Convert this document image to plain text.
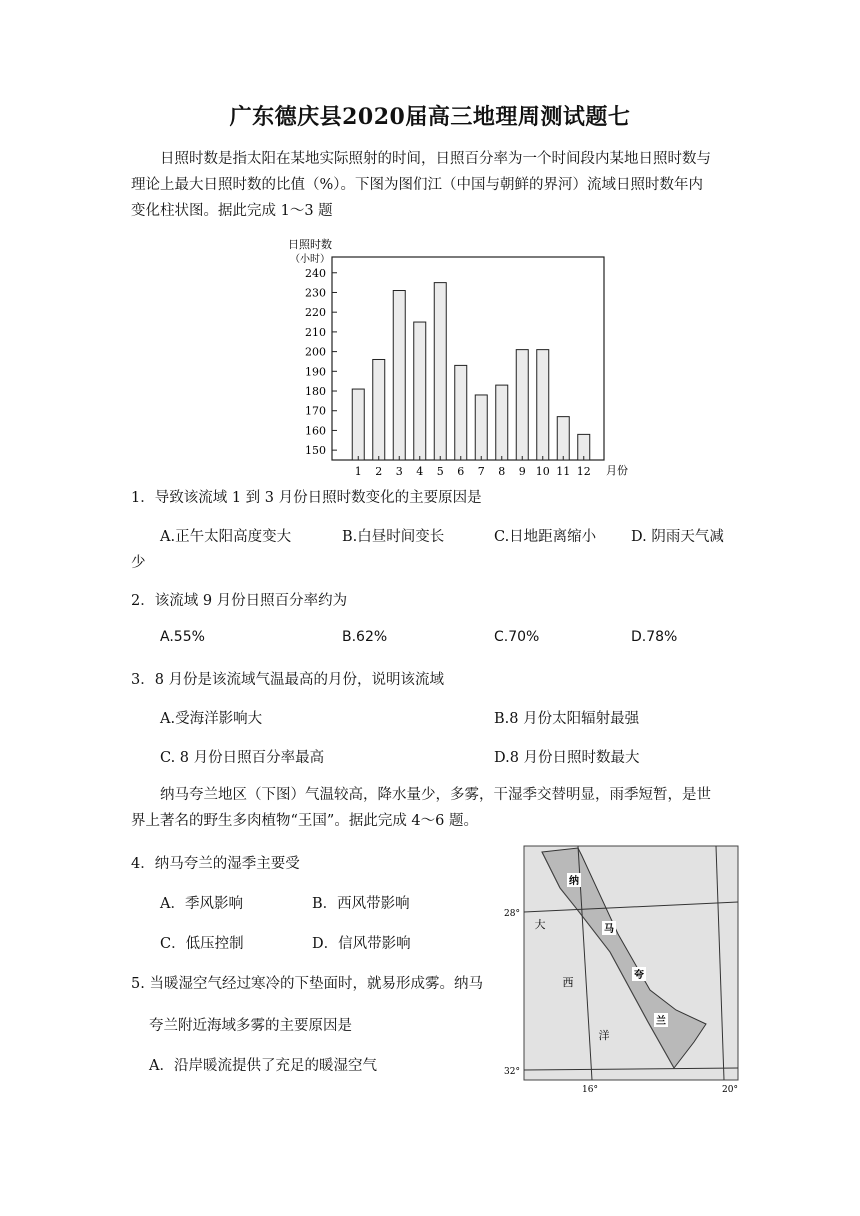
广东德庆县2020届高三地理周测试题七
日照时数是指太阳在某地实际照射的时间，日照百分率为一个时间段内某地日照时数与
理论上最大日照时数的比值（%）。下图为图们江（中国与朝鲜的界河）流域日照时数年内
变化柱状图。据此完成 1～3 题
日照时数
（小时）
150
160
170
180
190
200
210
220
230
240
1 2 3 4 5 6 7 8 9 10 11 12 月份
1．导致该流域 1 到 3 月份日照时数变化的主要原因是
A.正午太阳高度变大	B.白昼时间变长	C.日地距离缩小 D. 阴雨天气减
少
2．该流域 9 月份日照百分率约为
A.55%	B.62%	C.70%	D.78%
3．8 月份是该流域气温最高的月份，说明该流域
A.受海洋影响大	B.8 月份太阳辐射最强
C. 8 月份日照百分率最高	D.8 月份日照时数最大
纳马夸兰地区（下图）气温较高，降水量少，多雾，干湿季交替明显，雨季短暂，是世
界上著名的野生多肉植物“王国”。据此完成 4～6 题。
4．纳马夸兰的湿季主要受
A．季风影响	B．西风带影响
C．低压控制	D．信风带影响
5. 当暖湿空气经过寒冷的下垫面时，就易形成雾。纳马
夸兰附近海域多雾的主要原因是
A．沿岸暖流提供了充足的暖湿空气
纳
马
夸
兰
大
西
洋
28°
32°
16°	20°
